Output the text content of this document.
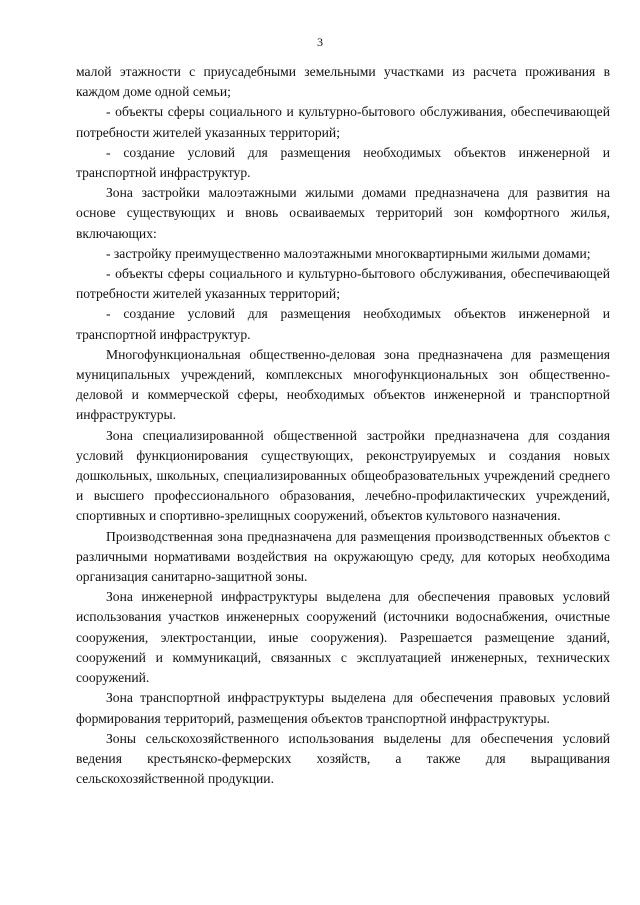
3

малой этажности с приусадебными земельными участками из расчета проживания в каждом доме одной семьи;

- объекты сферы социального и культурно-бытового обслуживания, обеспечивающей потребности жителей указанных территорий;

- создание условий для размещения необходимых объектов инженерной и транспортной инфраструктур.

Зона застройки малоэтажными жилыми домами предназначена для развития на основе существующих и вновь осваиваемых территорий зон комфортного жилья, включающих:

- застройку преимущественно малоэтажными многоквартирными жилыми домами;

- объекты сферы социального и культурно-бытового обслуживания, обеспечивающей потребности жителей указанных территорий;

- создание условий для размещения необходимых объектов инженерной и транспортной инфраструктур.

Многофункциональная общественно-деловая зона предназначена для размещения муниципальных учреждений, комплексных многофункциональных зон общественно-деловой и коммерческой сферы, необходимых объектов инженерной и транспортной инфраструктуры.

Зона специализированной общественной застройки предназначена для создания условий функционирования существующих, реконструируемых и создания новых дошкольных, школьных, специализированных общеобразовательных учреждений среднего и высшего профессионального образования, лечебно-профилактических учреждений, спортивных и спортивно-зрелищных сооружений, объектов культового назначения.

Производственная зона предназначена для размещения производственных объектов с различными нормативами воздействия на окружающую среду, для которых необходима организация санитарно-защитной зоны.

Зона инженерной инфраструктуры выделена для обеспечения правовых условий использования участков инженерных сооружений (источники водоснабжения, очистные сооружения, электростанции, иные сооружения). Разрешается размещение зданий, сооружений и коммуникаций, связанных с эксплуатацией инженерных, технических сооружений.

Зона транспортной инфраструктуры выделена для обеспечения правовых условий формирования территорий, размещения объектов транспортной инфраструктуры.

Зоны сельскохозяйственного использования выделены для обеспечения условий ведения крестьянско-фермерских хозяйств, а также для выращивания сельскохозяйственной продукции.
